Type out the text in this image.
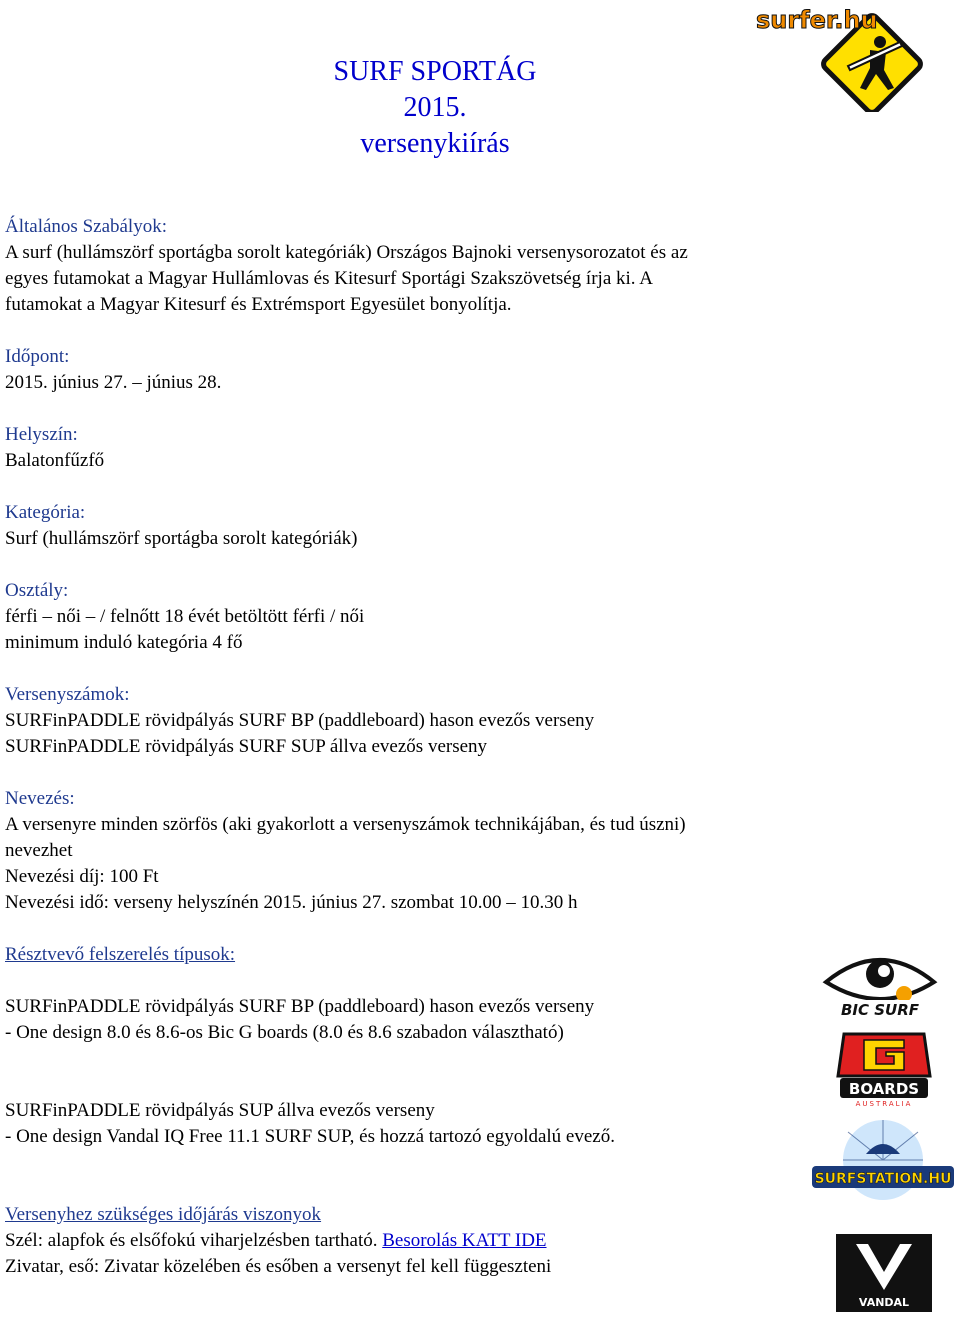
surfer.hu
SURF SPORTÁG
2015.
versenykiírás
Általános Szabályok:
A surf (hullámszörf sportágba sorolt kategóriák) Országos Bajnoki versenysorozatot és az
egyes futamokat a Magyar Hullámlovas és Kitesurf Sportági Szakszövetség írja ki. A
futamokat a Magyar Kitesurf és Extrémsport Egyesület bonyolítja.
Időpont:
2015. június 27. – június 28.
Helyszín:
Balatonfűzfő
Kategória:
Surf (hullámszörf sportágba sorolt kategóriák)
Osztály:
férfi – női – / felnőtt 18 évét betöltött férfi / női
minimum induló kategória 4 fő
Versenyszámok:
SURFinPADDLE rövidpályás SURF BP (paddleboard) hason evezős verseny
SURFinPADDLE rövidpályás SURF SUP állva evezős verseny
Nevezés:
A versenyre minden szörfös (aki gyakorlott a versenyszámok technikájában, és tud úszni)
nevezhet
Nevezési díj: 100 Ft
Nevezési idő: verseny helyszínén 2015. június 27. szombat 10.00 – 10.30 h
Résztvevő felszerelés típusok:
SURFinPADDLE rövidpályás SURF BP (paddleboard) hason evezős verseny
- One design 8.0 és 8.6-os Bic G boards (8.0 és 8.6 szabadon választható)
SURFinPADDLE rövidpályás SUP állva evezős verseny
- One design Vandal IQ Free 11.1 SURF SUP, és hozzá tartozó egyoldalú evező.
Versenyhez szükséges időjárás viszonyok
Szél: alapfok és elsőfokú viharjelzésben tartható. Besorolás KATT IDE
Zivatar, eső: Zivatar közelében és esőben a versenyt fel kell függeszteni
BIC SURF
BOARDS
AUSTRALIA
SURFSTATION.HU
VANDAL
